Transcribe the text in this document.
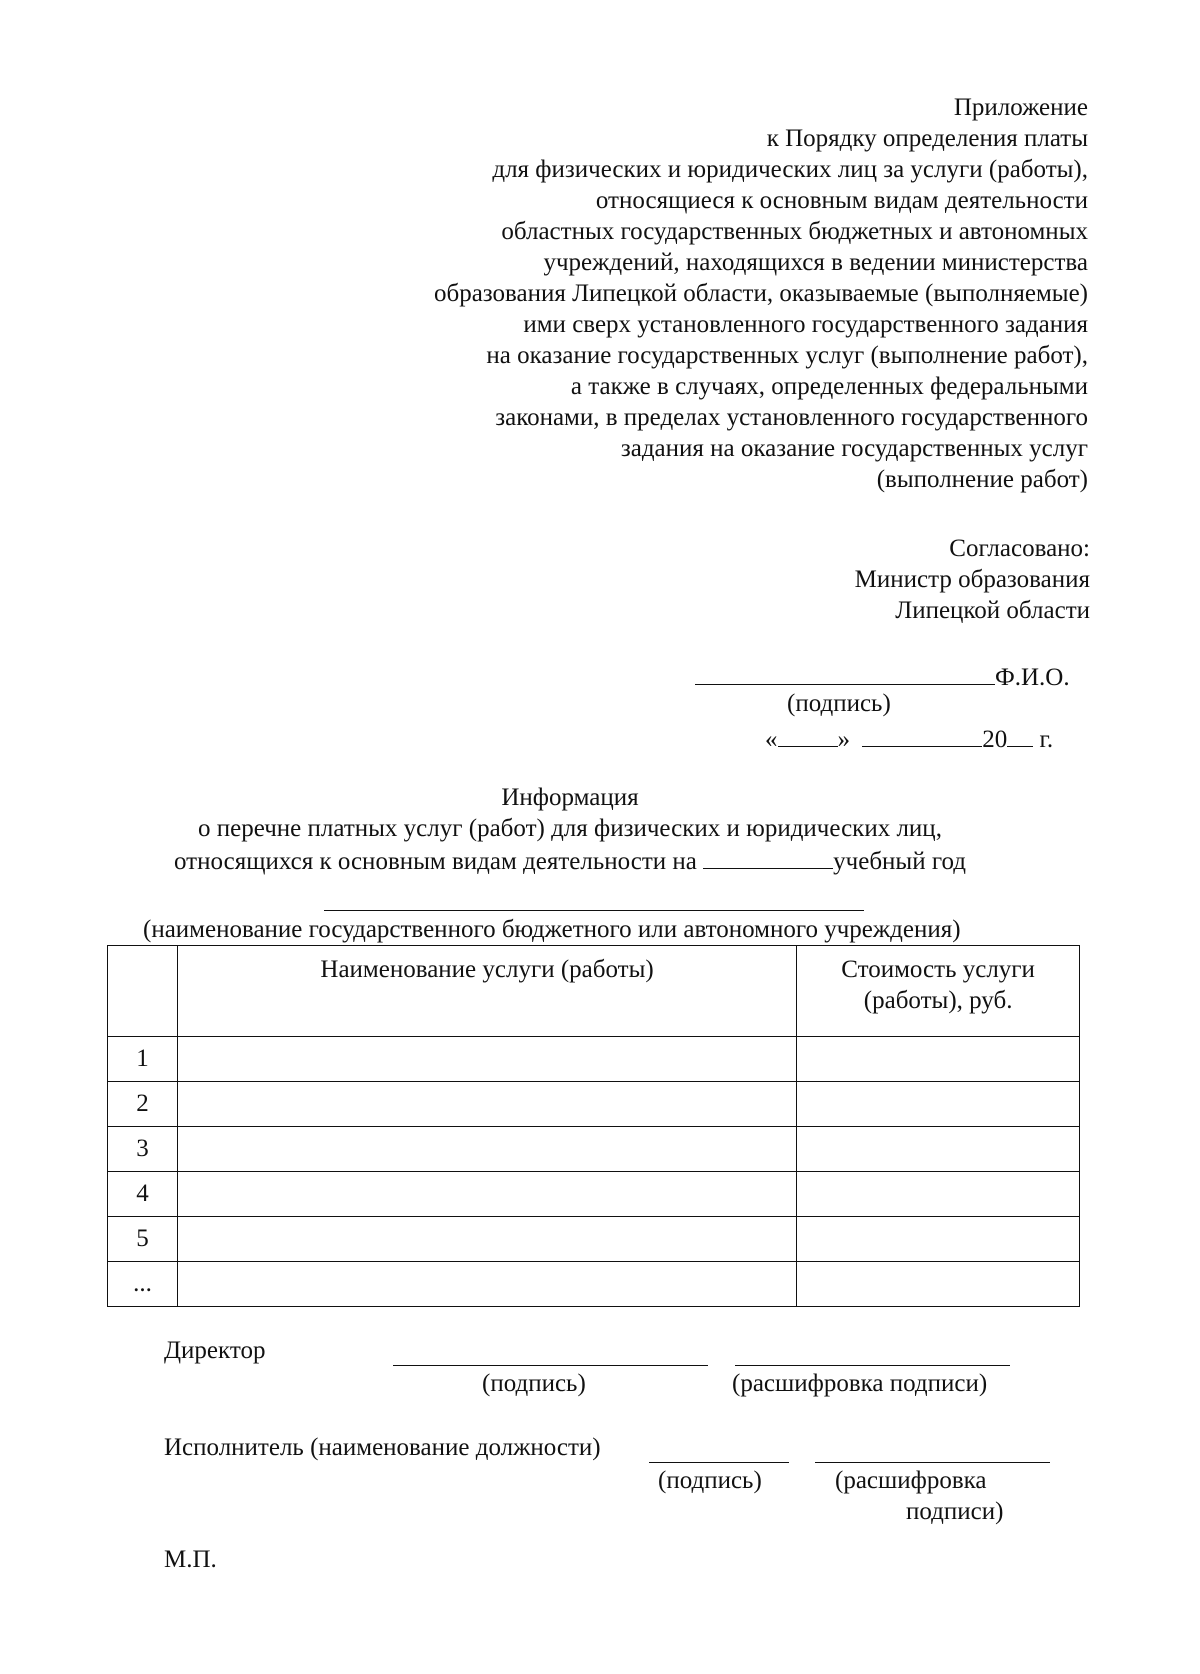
Приложение
к Порядку определения платы
для физических и юридических лиц за услуги (работы),
относящиеся к основным видам деятельности
областных государственных бюджетных и автономных
учреждений, находящихся в ведении министерства
образования Липецкой области, оказываемые (выполняемые)
ими сверх установленного государственного задания
на оказание государственных услуг (выполнение работ),
а также в случаях, определенных федеральными
законами, в пределах установленного государственного
задания на оказание государственных услуг
(выполнение работ)
Согласовано:
Министр образования
Липецкой области
Ф.И.О.
(подпись)
« »	20 г.
Информация
о перечне платных услуг (работ) для физических и юридических лиц,
относящихся к основным видам деятельности на	учебный год
(наименование государственного бюджетного или автономного учреждения)
	Наименование услуги (работы)	Стоимость услуги
(работы), руб.

1		
2		
3		
4		
5		
...		
Директор
(подпись)	(расшифровка подписи)
Исполнитель (наименование должности)
(подпись)	(расшифровка
подписи)
М.П.
